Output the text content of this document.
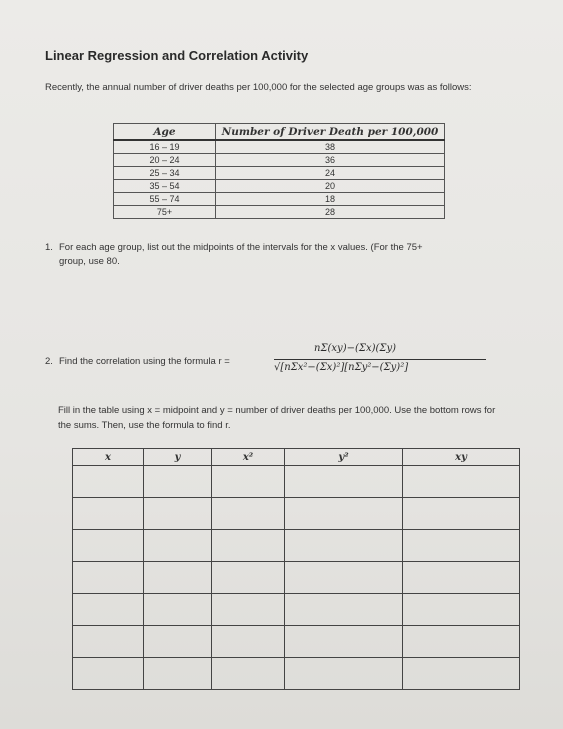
Linear Regression and Correlation Activity
Recently, the annual number of driver deaths per 100,000 for the selected age groups was as follows:
Age	Number of Driver Death per 100,000
16 – 19	38
20 – 24	36
25 – 34	24
35 – 54	20
55 – 74	18
75+	28
1. For each age group, list out the midpoints of the intervals for the x values. (For the 75+
group, use 80.
2. Find the correlation using the formula r =
nΣ(xy)−(Σx)(Σy)
√[nΣx²−(Σx)²][nΣy²−(Σy)²]
Fill in the table using x = midpoint and y = number of driver deaths per 100,000. Use the bottom rows for the sums. Then, use the formula to find r.
x	y	x²	y²	xy
